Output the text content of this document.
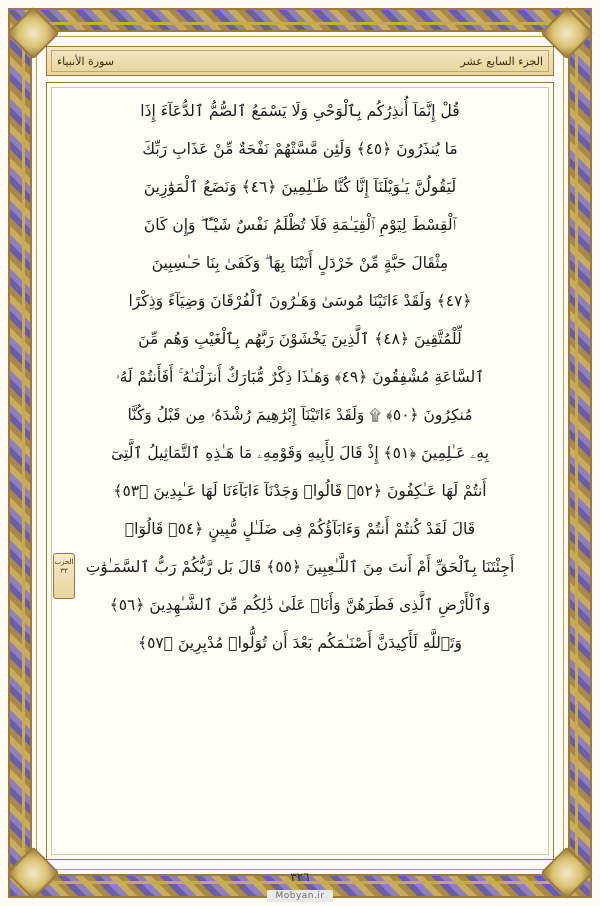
سورة الأنبياء	الجزء السابع عشر
الحزب
٣٣
قُلْ إِنَّمَآ أُنذِرُكُم بِٱلْوَحْىِ وَلَا يَسْمَعُ ٱلصُّمُّ ٱلدُّعَآءَ إِذَا
مَا يُنذَرُونَ ﴿٤٥﴾ وَلَئِن مَّسَّتْهُمْ نَفْحَةٌ مِّنْ عَذَابِ رَبِّكَ
لَيَقُولُنَّ يَـٰوَيْلَنَآ إِنَّا كُنَّا ظَـٰلِمِينَ ﴿٤٦﴾ وَنَضَعُ ٱلْمَوَٰزِينَ
ٱلْقِسْطَ لِيَوْمِ ٱلْقِيَـٰمَةِ فَلَا تُظْلَمُ نَفْسٌ شَيْـًٔا ۖ وَإِن كَانَ
مِثْقَالَ حَبَّةٍ مِّنْ خَرْدَلٍ أَتَيْنَا بِهَا ۗ وَكَفَىٰ بِنَا حَـٰسِبِينَ
﴿٤٧﴾ وَلَقَدْ ءَاتَيْنَا مُوسَىٰ وَهَـٰرُونَ ٱلْفُرْقَانَ وَضِيَآءً وَذِكْرًا
لِّلْمُتَّقِينَ ﴿٤٨﴾ ٱلَّذِينَ يَخْشَوْنَ رَبَّهُم بِٱلْغَيْبِ وَهُم مِّنَ
ٱلسَّاعَةِ مُشْفِقُونَ ﴿٤٩﴾ وَهَـٰذَا ذِكْرٌ مُّبَارَكٌ أَنزَلْنَـٰهُ ۚ أَفَأَنتُمْ لَهُۥ
مُنكِرُونَ ﴿٥٠﴾ ۩ وَلَقَدْ ءَاتَيْنَآ إِبْرَٰهِيمَ رُشْدَهُۥ مِن قَبْلُ وَكُنَّا
بِهِۦ عَـٰلِمِينَ ﴿٥١﴾ إِذْ قَالَ لِأَبِيهِ وَقَوْمِهِۦ مَا هَـٰذِهِ ٱلتَّمَاثِيلُ ٱلَّتِىٓ
أَنتُمْ لَهَا عَـٰكِفُونَ ﴿٥٢﴾ قَالُوا۟ وَجَدْنَآ ءَابَآءَنَا لَهَا عَـٰبِدِينَ ﴿٥٣﴾
قَالَ لَقَدْ كُنتُمْ أَنتُمْ وَءَابَآؤُكُمْ فِى ضَلَـٰلٍ مُّبِينٍ ﴿٥٤﴾ قَالُوٓا۟
أَجِئْتَنَا بِٱلْحَقِّ أَمْ أَنتَ مِنَ ٱللَّـٰعِبِينَ ﴿٥٥﴾ قَالَ بَل رَّبُّكُمْ رَبُّ ٱلسَّمَـٰوَٰتِ
وَٱلْأَرْضِ ٱلَّذِى فَطَرَهُنَّ وَأَنَا۠ عَلَىٰ ذَٰلِكُم مِّنَ ٱلشَّـٰهِدِينَ ﴿٥٦﴾
وَتَٱللَّهِ لَأَكِيدَنَّ أَصْنَـٰمَكُم بَعْدَ أَن تُوَلُّوا۟ مُدْبِرِينَ ﴿٥٧﴾
٣٢٦
Mobyan.ir
